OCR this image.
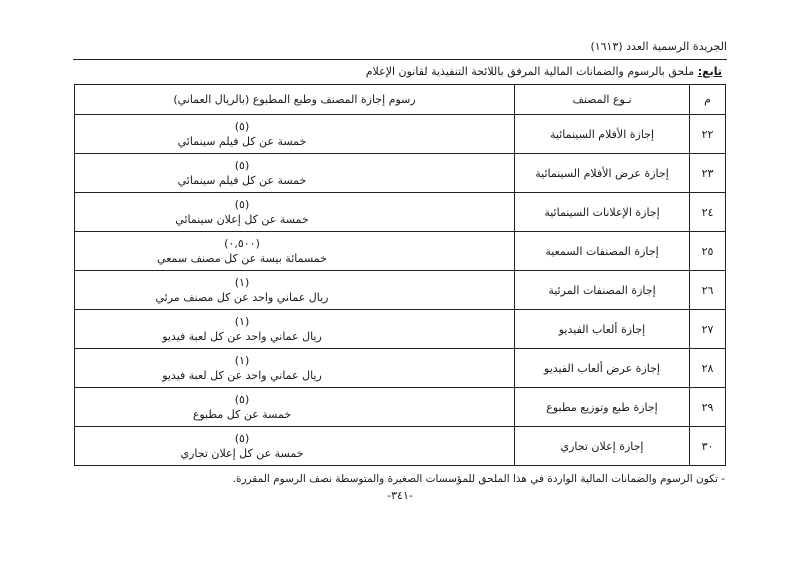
الجريدة الرسمية العدد (١٦١٣)
تابع: ملحق بالرسوم والضمانات المالية المرفق باللائحة التنفيذية لقانون الإعلام
م	نـوع المصنف	رسوم إجازة المصنف وطبع المطبوع (بالريال العماني)
٢٢	إجازة الأفلام السينمائية	(٥)
خمسة عن كل فيلم سينمائي

٢٣	إجازة عرض الأفلام السينمائية	(٥)
خمسة عن كل فيلم سينمائي

٢٤	إجازة الإعلانات السينمائية	(٥)
خمسة عن كل إعلان سينمائي

٢٥	إجازة المصنفات السمعية	(٠,٥٠٠)
خمسمائة بيسة عن كل مصنف سمعي

٢٦	إجازة المصنفات المرئية	(١)
ريال عماني واحد عن كل مصنف مرئي

٢٧	إجازة ألعاب الفيديو	(١)
ريال عماني واحد عن كل لعبة فيديو

٢٨	إجازة عرض ألعاب الفيديو	(١)
ريال عماني واحد عن كل لعبة فيديو

٢٩	إجازة طبع وتوزيع مطبوع	(٥)
خمسة عن كل مطبوع

٣٠	إجازة إعلان تجاري	(٥)
خمسة عن كل إعلان تجاري
- تكون الرسوم والضمانات المالية الواردة في هذا الملحق للمؤسسات الصغيرة والمتوسطة نصف الرسوم المقررة.
-٣٤١-
